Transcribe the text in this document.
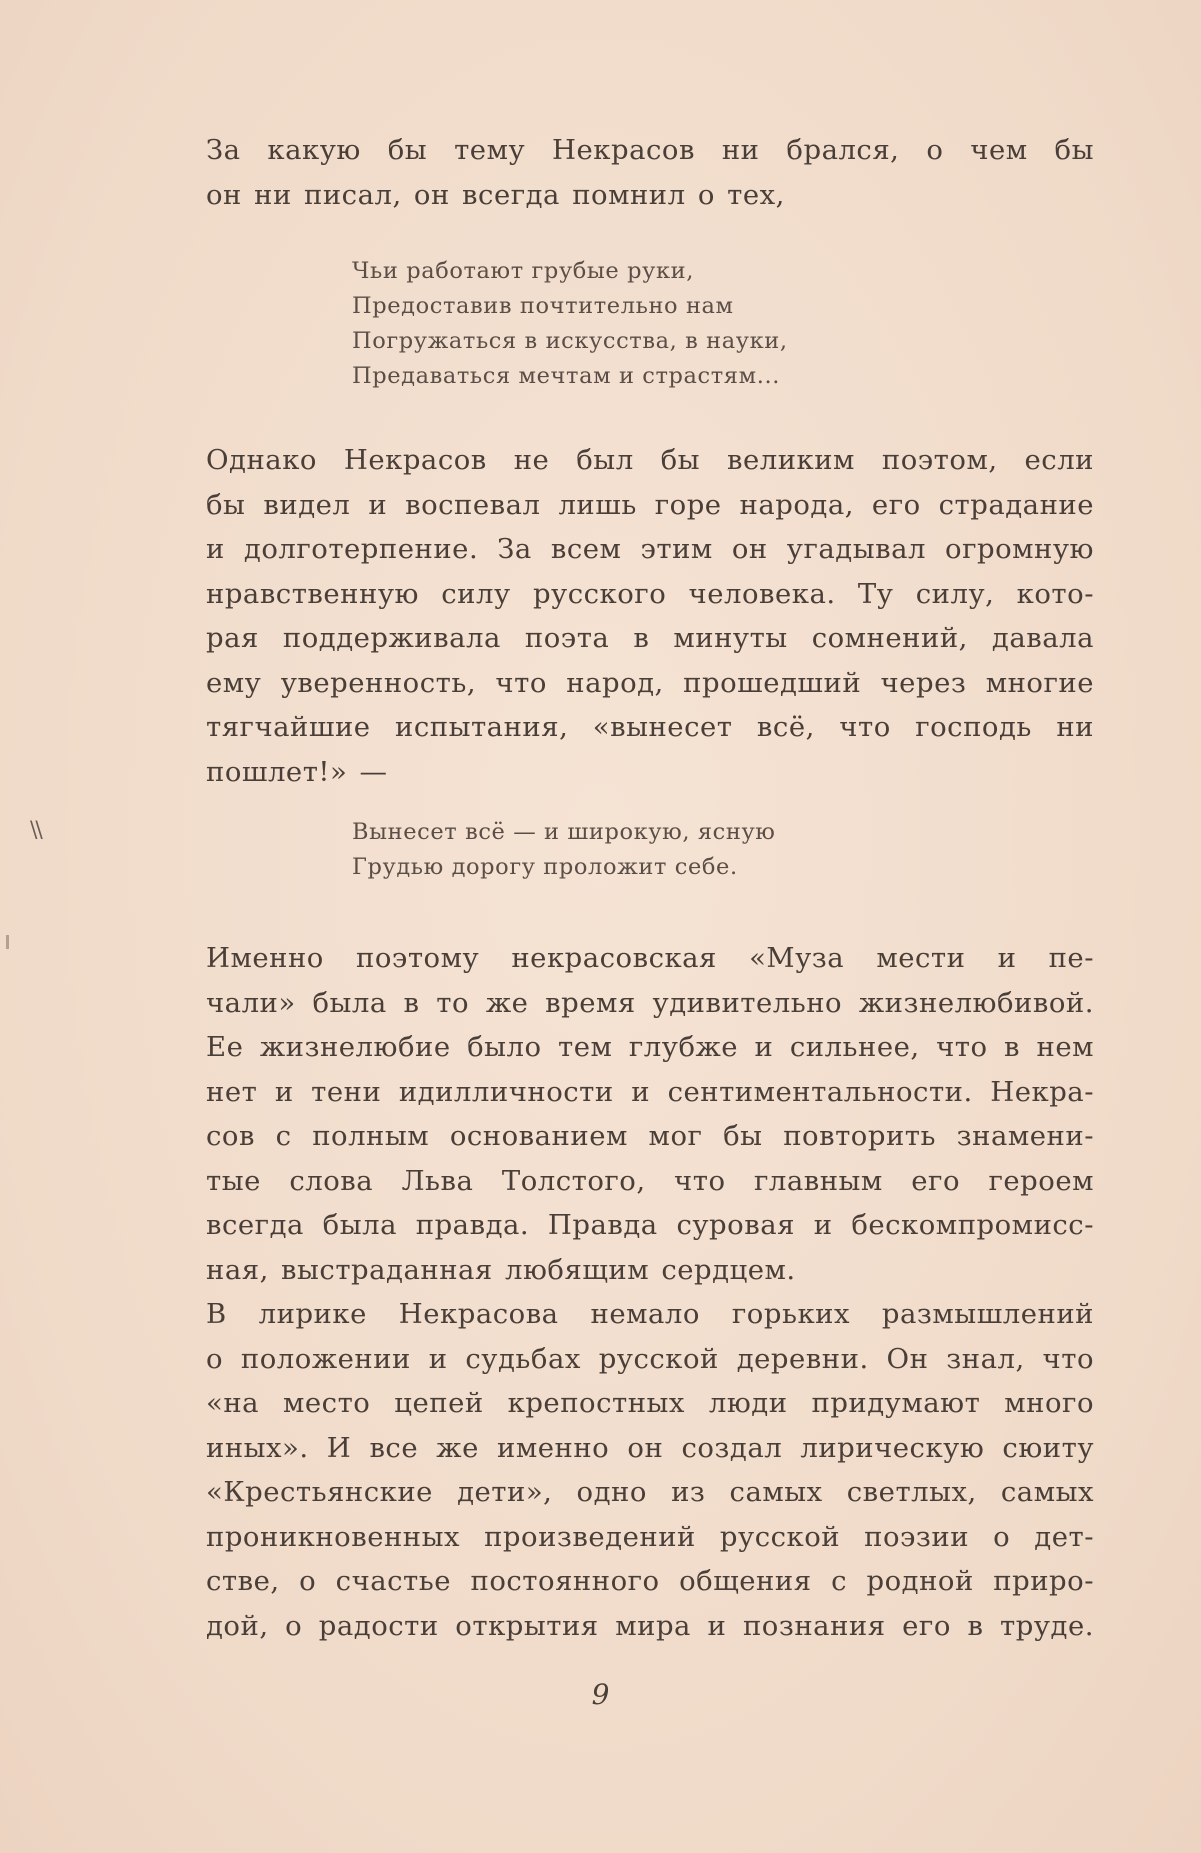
За какую бы тему Некрасов ни брался, о чем бы
он ни писал, он всегда помнил о тех,

Чьи работают грубые руки,
Предоставив почтительно нам
Погружаться в искусства, в науки,
Предаваться мечтам и страстям...

Однако Некрасов не был бы великим поэтом, если
бы видел и воспевал лишь горе народа, его страдание
и долготерпение. За всем этим он угадывал огромную
нравственную силу русского человека. Ту силу, кото-
рая поддерживала поэта в минуты сомнений, давала
ему уверенность, что народ, прошедший через многие
тягчайшие испытания, «вынесет всё, что господь ни
пошлет!» —

\\	Вынесет всё — и широкую, ясную
Грудью дорогу проложит себе.

Именно поэтому некрасовская «Муза мести и пе-
чали» была в то же время удивительно жизнелюбивой.
Ее жизнелюбие было тем глубже и сильнее, что в нем
нет и тени идилличности и сентиментальности. Некра-
сов с полным основанием мог бы повторить знамени-
тые слова Льва Толстого, что главным его героем
всегда была правда. Правда суровая и бескомпромисс-
ная, выстраданная любящим сердцем.

В лирике Некрасова немало горьких размышлений
о положении и судьбах русской деревни. Он знал, что
«на место цепей крепостных люди придумают много
иных». И все же именно он создал лирическую сюиту
«Крестьянские дети», одно из самых светлых, самых
проникновенных произведений русской поэзии о дет-
стве, о счастье постоянного общения с родной приро-
дой, о радости открытия мира и познания его в труде.

9
